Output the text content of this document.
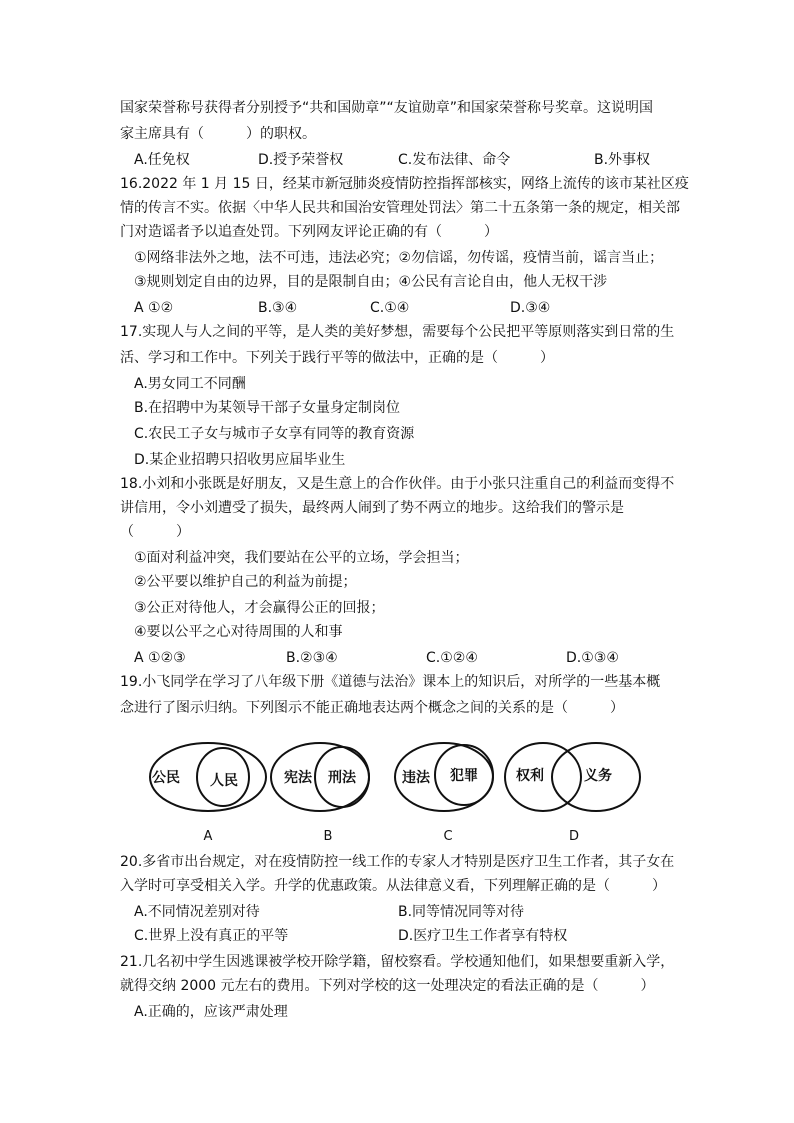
国家荣誉称号获得者分别授予“共和国勋章”“友谊勋章”和国家荣誉称号奖章。这说明国
家主席具有（　　　）的职权。
A.任免权	D.授予荣誉权	C.发布法律、命令	B.外事权
16.2022 年 1 月 15 日，经某市新冠肺炎疫情防控指挥部核实，网络上流传的该市某社区疫
情的传言不实。依据〈中华人民共和国治安管理处罚法〉第二十五条第一条的规定，相关部
门对造谣者予以追查处罚。下列网友评论正确的有（　　　）
①网络非法外之地，法不可违，违法必究；②勿信谣，勿传谣，疫情当前，谣言当止；
③规则划定自由的边界，目的是限制自由；④公民有言论自由，他人无权干涉
A ①②	B.③④	C.①④	D.③④
17.实现人与人之间的平等，是人类的美好梦想，需要每个公民把平等原则落实到日常的生
活、学习和工作中。下列关于践行平等的做法中，正确的是（　　　）
A.男女同工不同酬
B.在招聘中为某领导干部子女量身定制岗位
C.农民工子女与城市子女享有同等的教育资源
D.某企业招聘只招收男应届毕业生
18.小刘和小张既是好朋友，又是生意上的合作伙伴。由于小张只注重自己的利益而变得不
讲信用，令小刘遭受了损失，最终两人闹到了势不两立的地步。这给我们的警示是
（　　　）
①面对利益冲突，我们要站在公平的立场，学会担当；
②公平要以维护自己的利益为前提；
③公正对待他人，才会赢得公正的回报；
④要以公平之心对待周围的人和事
A ①②③	B.②③④	C.①②④	D.①③④
19.小飞同学在学习了八年级下册《道德与法治》课本上的知识后，对所学的一些基本概
念进行了图示归纳。下列图示不能正确地表达两个概念之间的关系的是（　　　）
公民 人民	宪法 刑法	违法 犯罪	权利	义务
A	B	C	D
20.多省市出台规定，对在疫情防控一线工作的专家人才特别是医疗卫生工作者，其子女在
入学时可享受相关入学。升学的优惠政策。从法律意义看，下列理解正确的是（　　　）
A.不同情况差别对待	B.同等情况同等对待
C.世界上没有真正的平等	D.医疗卫生工作者享有特权
21.几名初中学生因逃课被学校开除学籍，留校察看。学校通知他们，如果想要重新入学，
就得交纳 2000 元左右的费用。下列对学校的这一处理决定的看法正确的是（　　　）
A.正确的，应该严肃处理
